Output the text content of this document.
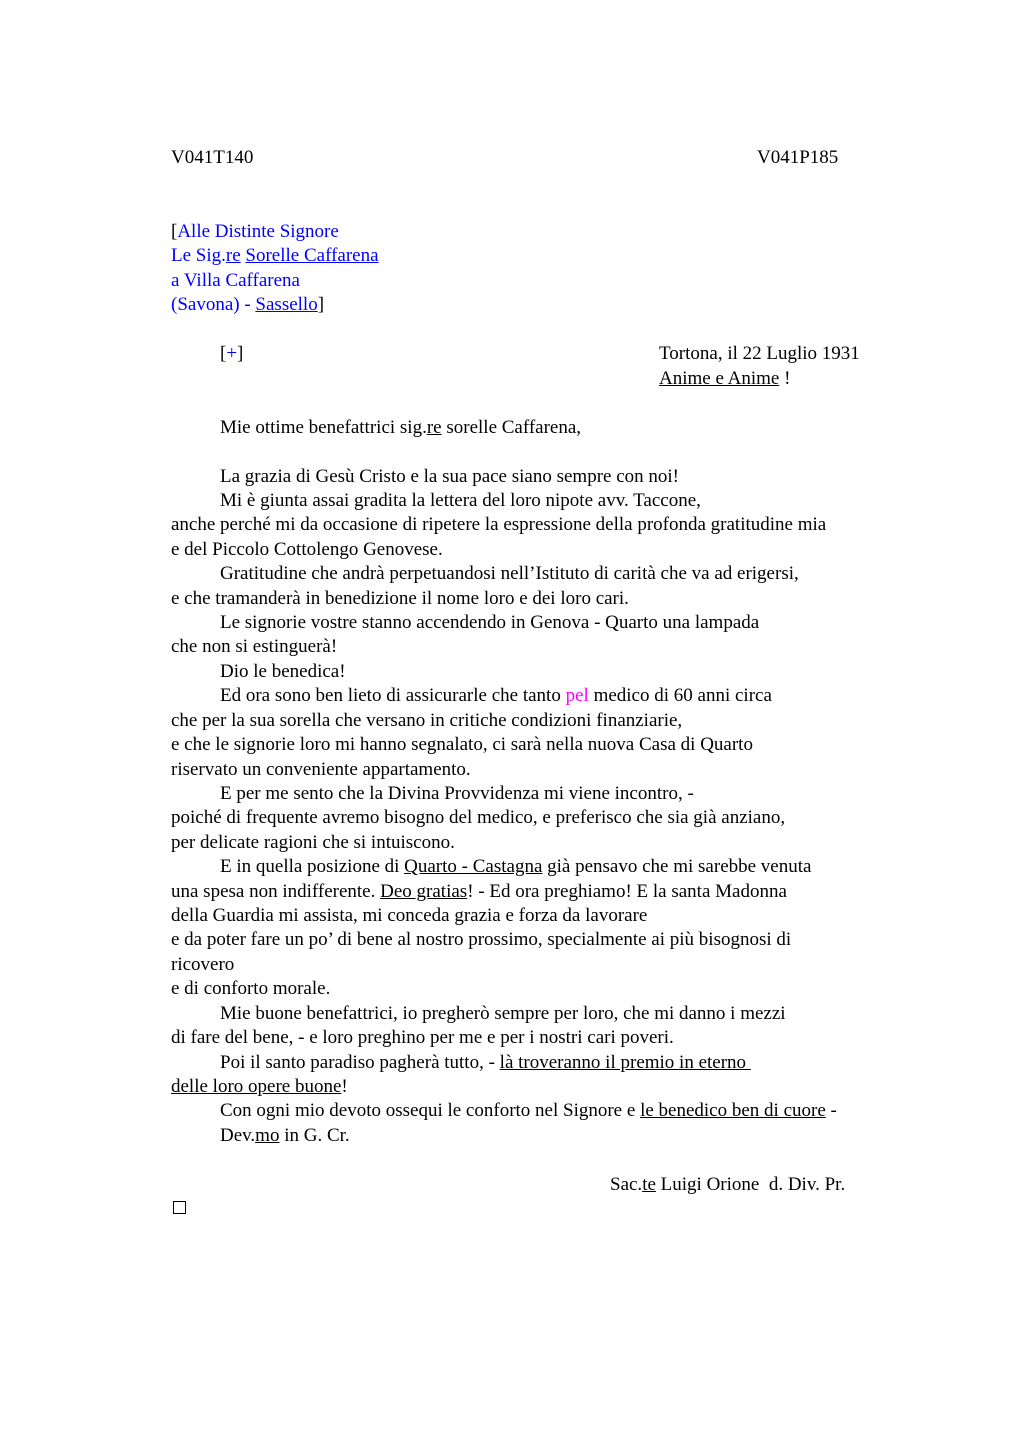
V041T140	V041P185
[Alle Distinte Signore
Le Sig.re Sorelle Caffarena
a Villa Caffarena
(Savona) - Sassello]
[+]	Tortona, il 22 Luglio 1931
Anime e Anime !
Mie ottime benefattrici sig.re sorelle Caffarena,
La grazia di Gesù Cristo e la sua pace siano sempre con noi!
Mi è giunta assai gradita la lettera del loro nipote avv. Taccone,
anche perché mi da occasione di ripetere la espressione della profonda gratitudine mia
e del Piccolo Cottolengo Genovese.
Gratitudine che andrà perpetuandosi nell’Istituto di carità che va ad erigersi,
e che tramanderà in benedizione il nome loro e dei loro cari.
Le signorie vostre stanno accendendo in Genova - Quarto una lampada
che non si estinguerà!
Dio le benedica!
Ed ora sono ben lieto di assicurarle che tanto pel medico di 60 anni circa
che per la sua sorella che versano in critiche condizioni finanziarie,
e che le signorie loro mi hanno segnalato, ci sarà nella nuova Casa di Quarto
riservato un conveniente appartamento.
E per me sento che la Divina Provvidenza mi viene incontro, -
poiché di frequente avremo bisogno del medico, e preferisco che sia già anziano,
per delicate ragioni che si intuiscono.
E in quella posizione di Quarto - Castagna già pensavo che mi sarebbe venuta
una spesa non indifferente. Deo gratias! - Ed ora preghiamo! E la santa Madonna
della Guardia mi assista, mi conceda grazia e forza da lavorare
e da poter fare un po’ di bene al nostro prossimo, specialmente ai più bisognosi di
ricovero
e di conforto morale.
Mie buone benefattrici, io pregherò sempre per loro, che mi danno i mezzi
di fare del bene, - e loro preghino per me e per i nostri cari poveri.
Poi il santo paradiso pagherà tutto, - là troveranno il premio in eterno
delle loro opere buone!
Con ogni mio devoto ossequi le conforto nel Signore e le benedico ben di cuore -
Dev.mo in G. Cr.
Sac.te Luigi Orione  d. Div. Pr.
